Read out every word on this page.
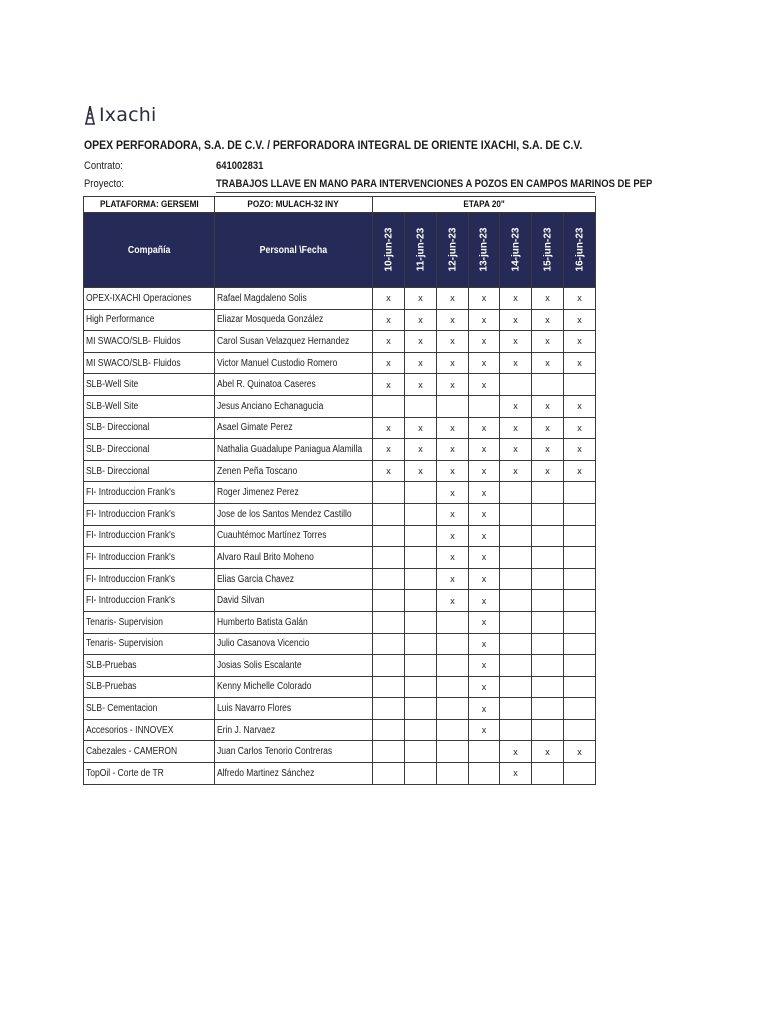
Ixachi
OPEX PERFORADORA, S.A. DE C.V. / PERFORADORA INTEGRAL DE ORIENTE IXACHI, S.A. DE C.V.
Contrato:	641002831
Proyecto:	TRABAJOS LLAVE EN MANO PARA INTERVENCIONES A POZOS EN CAMPOS MARINOS DE PEP
PLATAFORMA: GERSEMI	POZO: MULACH-32 INY	ETAPA 20"						
Compañía	Personal \Fecha	10-jun-23	11-jun-23	12-jun-23	13-jun-23	14-jun-23	15-jun-23	16-jun-23

OPEX-IXACHI Operaciones	Rafael Magdaleno Solis	x	x	x	x	x	x	x
High Performance	Eliazar Mosqueda González	x	x	x	x	x	x	x
MI SWACO/SLB- Fluidos	Carol Susan Velazquez Hernandez	x	x	x	x	x	x	x
MI SWACO/SLB- Fluidos	Victor Manuel Custodio Romero	x	x	x	x	x	x	x
SLB-Well Site	Abel R. Quinatoa Caseres	x	x	x	x			
SLB-Well Site	Jesus Anciano Echanagucia					x	x	x
SLB- Direccional	Asael Gimate Perez	x	x	x	x	x	x	x
SLB- Direccional	Nathalia Guadalupe Paniagua Alamilla	x	x	x	x	x	x	x
SLB- Direccional	Zenen Peña Toscano	x	x	x	x	x	x	x
FI- Introduccion Frank's	Roger Jimenez Perez			x	x			
FI- Introduccion Frank's	Jose de los Santos Mendez Castillo			x	x			
FI- Introduccion Frank's	Cuauhtémoc Martínez Torres			x	x			
FI- Introduccion Frank's	Alvaro Raul Brito Moheno			x	x			
FI- Introduccion Frank's	Elias Garcia Chavez			x	x			
FI- Introduccion Frank's	David Silvan			x	x			
Tenaris- Supervision	Humberto Batista Galán				x			
Tenaris- Supervision	Julio Casanova Vicencio				x			
SLB-Pruebas	Josias Solis Escalante				x			
SLB-Pruebas	Kenny Michelle Colorado				x			
SLB- Cementacion	Luis Navarro Flores				x			
Accesorios - INNOVEX	Erin J. Narvaez				x			
Cabezales - CAMERON	Juan Carlos Tenorio Contreras					x	x	x
TopOil - Corte de TR	Alfredo Martinez Sánchez					x		
